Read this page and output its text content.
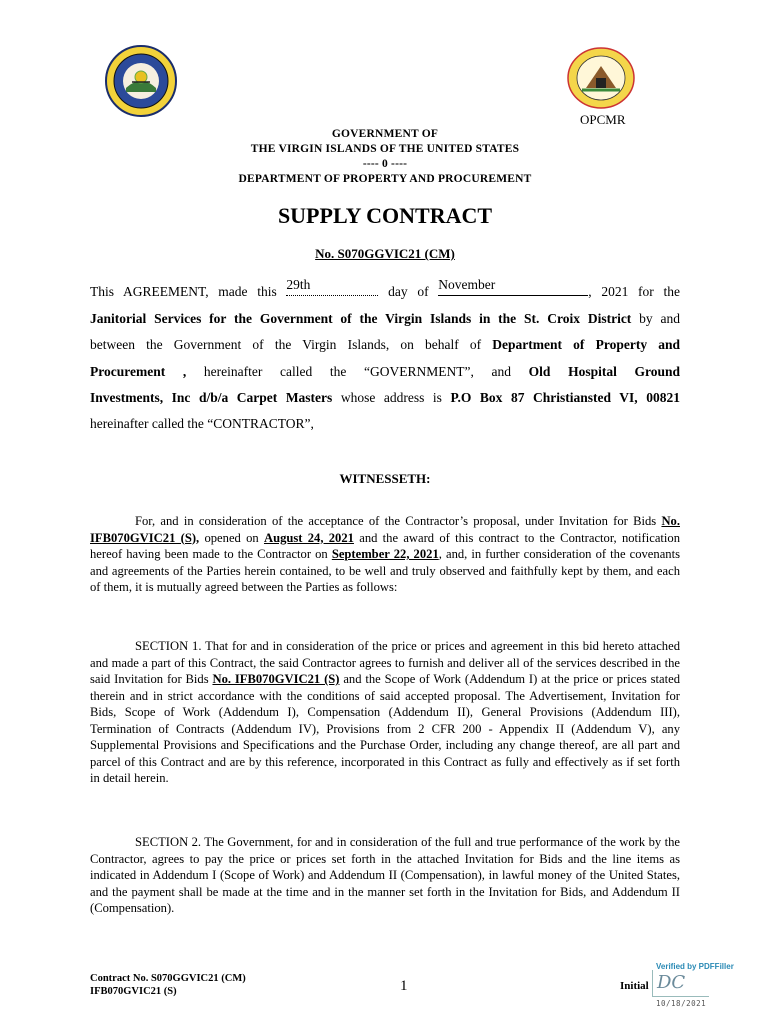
OPCMR
GOVERNMENT OF
THE VIRGIN ISLANDS OF THE UNITED STATES
---- 0 ----
DEPARTMENT OF PROPERTY AND PROCUREMENT
SUPPLY CONTRACT
No. S070GGVIC21 (CM)
This AGREEMENT, made this 29th	day of November	, 2021 for the
Janitorial Services for the Government of the Virgin Islands in the St. Croix District by and
between the Government of the Virgin Islands, on behalf of Department of Property and
Procurement , hereinafter called the “GOVERNMENT”, and Old Hospital Ground
Investments, Inc d/b/a Carpet Masters whose address is P.O Box 87 Christiansted VI, 00821
hereinafter called the “CONTRACTOR”,
WITNESSETH:
For, and in consideration of the acceptance of the Contractor’s proposal, under Invitation for Bids No. IFB070GVIC21 (S), opened on August 24, 2021 and the award of this contract to the Contractor, notification hereof having been made to the Contractor on September 22, 2021, and, in further consideration of the covenants and agreements of the Parties herein contained, to be well and truly observed and faithfully kept by them, and each of them, it is mutually agreed between the Parties as follows:
SECTION 1. That for and in consideration of the price or prices and agreement in this bid hereto attached and made a part of this Contract, the said Contractor agrees to furnish and deliver all of the services described in the said Invitation for Bids No. IFB070GVIC21 (S) and the Scope of Work (Addendum I) at the price or prices stated therein and in strict accordance with the conditions of said accepted proposal. The Advertisement, Invitation for Bids, Scope of Work (Addendum I), Compensation (Addendum II), General Provisions (Addendum III), Termination of Contracts (Addendum IV), Provisions from 2 CFR 200 - Appendix II (Addendum V), any Supplemental Provisions and Specifications and the Purchase Order, including any change thereof, are all part and parcel of this Contract and are by this reference, incorporated in this Contract as fully and effectively as if set forth in detail herein.
SECTION 2. The Government, for and in consideration of the full and true performance of the work by the Contractor, agrees to pay the price or prices set forth in the attached Invitation for Bids and the line items as indicated in Addendum I (Scope of Work) and Addendum II (Compensation), in lawful money of the United States, and the payment shall be made at the time and in the manner set forth in the Invitation for Bids, and Addendum II (Compensation).
Contract No. S070GGVIC21 (CM)
IFB070GVIC21 (S)	1	Initial
Verified by PDFFiller
DC
10/18/2021
